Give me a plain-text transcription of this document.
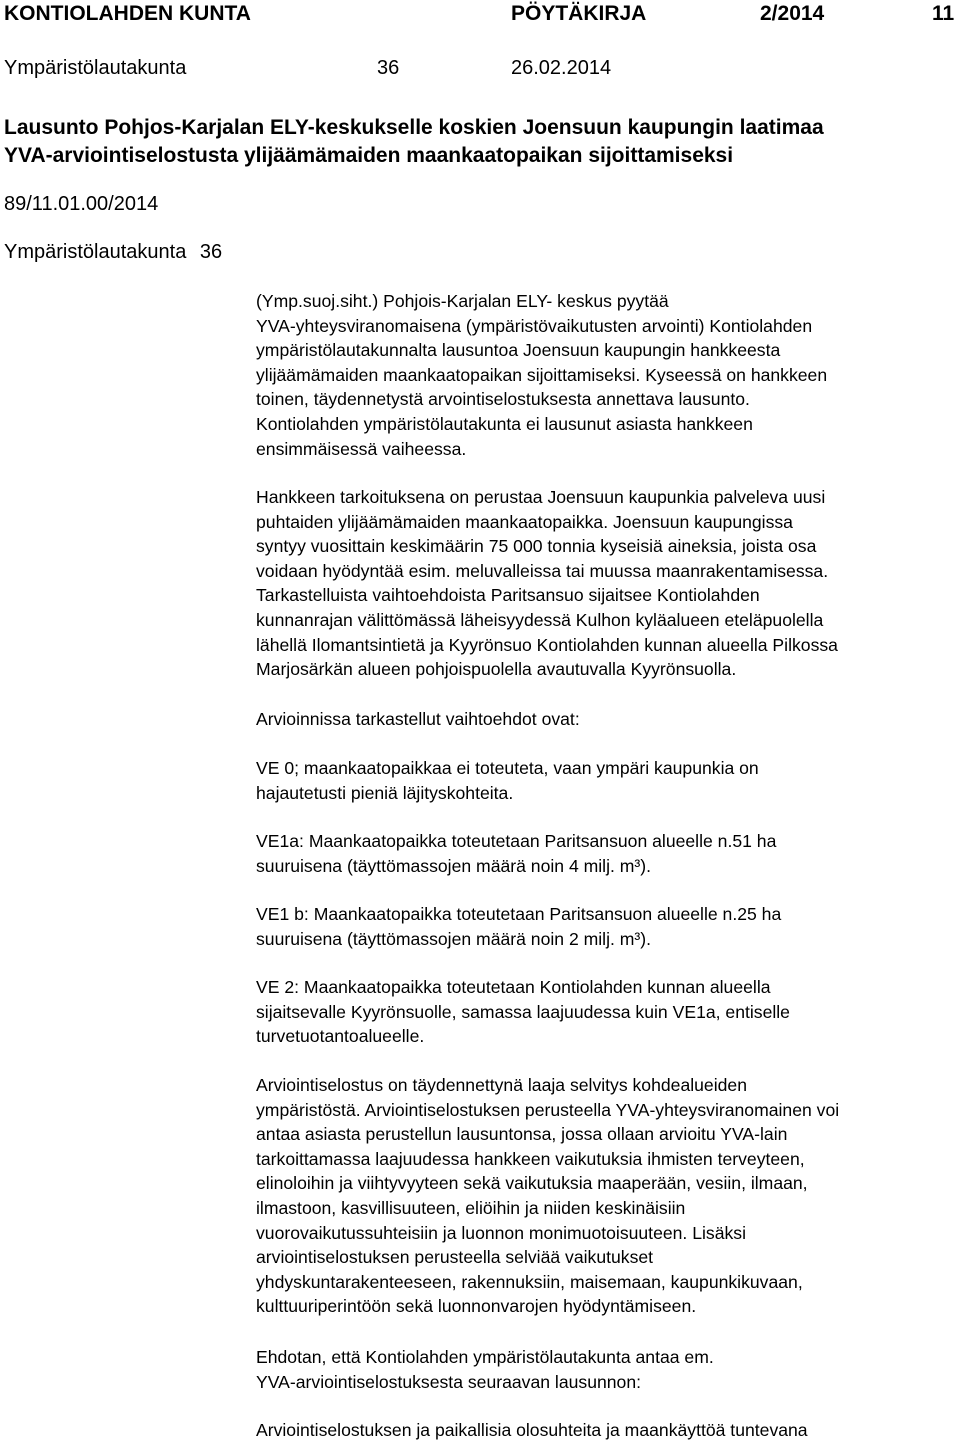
KONTIOLAHDEN KUNTA	PÖYTÄKIRJA	2/2014	11
Ympäristölautakunta	36	26.02.2014
Lausunto Pohjos-Karjalan ELY-keskukselle koskien Joensuun kaupungin laatimaa
YVA-arviointiselostusta ylijäämämaiden maankaatopaikan sijoittamiseksi
89/11.01.00/2014
Ympäristölautakunta 36

(Ymp.suoj.siht.) Pohjois-Karjalan ELY- keskus pyytää
YVA-yhteysviranomaisena (ympäristövaikutusten arvointi) Kontiolahden
ympäristölautakunnalta lausuntoa Joensuun kaupungin hankkeesta
ylijäämämaiden maankaatopaikan sijoittamiseksi. Kyseessä on hankkeen
toinen, täydennetystä arvointiselostuksesta annettava lausunto.
Kontiolahden ympäristölautakunta ei lausunut asiasta hankkeen
ensimmäisessä vaiheessa.

Hankkeen tarkoituksena on perustaa Joensuun kaupunkia palveleva uusi
puhtaiden ylijäämämaiden maankaatopaikka. Joensuun kaupungissa
syntyy vuosittain keskimäärin 75 000 tonnia kyseisiä aineksia, joista osa
voidaan hyödyntää esim. meluvalleissa tai muussa maanrakentamisessa.
Tarkastelluista vaihtoehdoista Paritsansuo sijaitsee Kontiolahden
kunnanrajan välittömässä läheisyydessä Kulhon kyläalueen eteläpuolella
lähellä Ilomantsintietä ja Kyyrönsuo Kontiolahden kunnan alueella Pilkossa
Marjosärkän alueen pohjoispuolella avautuvalla Kyyrönsuolla.

Arvioinnissa tarkastellut vaihtoehdot ovat:

VE 0; maankaatopaikkaa ei toteuteta, vaan ympäri kaupunkia on
hajautetusti pieniä läjityskohteita.

VE1a: Maankaatopaikka toteutetaan Paritsansuon alueelle n.51 ha
suuruisena (täyttömassojen määrä noin 4 milj. m³).

VE1 b: Maankaatopaikka toteutetaan Paritsansuon alueelle n.25 ha
suuruisena (täyttömassojen määrä noin 2 milj. m³).

VE 2: Maankaatopaikka toteutetaan Kontiolahden kunnan alueella
sijaitsevalle Kyyrönsuolle, samassa laajuudessa kuin VE1a, entiselle
turvetuotantoalueelle.

Arviointiselostus on täydennettynä laaja selvitys kohdealueiden
ympäristöstä. Arviointiselostuksen perusteella YVA-yhteysviranomainen voi
antaa asiasta perustellun lausuntonsa, jossa ollaan arvioitu YVA-lain
tarkoittamassa laajuudessa hankkeen vaikutuksia ihmisten terveyteen,
elinoloihin ja viihtyvyyteen sekä vaikutuksia maaperään, vesiin, ilmaan,
ilmastoon, kasvillisuuteen, eliöihin ja niiden keskinäisiin
vuorovaikutussuhteisiin ja luonnon monimuotoisuuteen. Lisäksi
arviointiselostuksen perusteella selviää vaikutukset
yhdyskuntarakenteeseen, rakennuksiin, maisemaan, kaupunkikuvaan,
kulttuuriperintöön sekä luonnonvarojen hyödyntämiseen.

Ehdotan, että Kontiolahden ympäristölautakunta antaa em.
YVA-arviointiselostuksesta seuraavan lausunnon:

Arviointiselostuksen ja paikallisia olosuhteita ja maankäyttöä tuntevana
